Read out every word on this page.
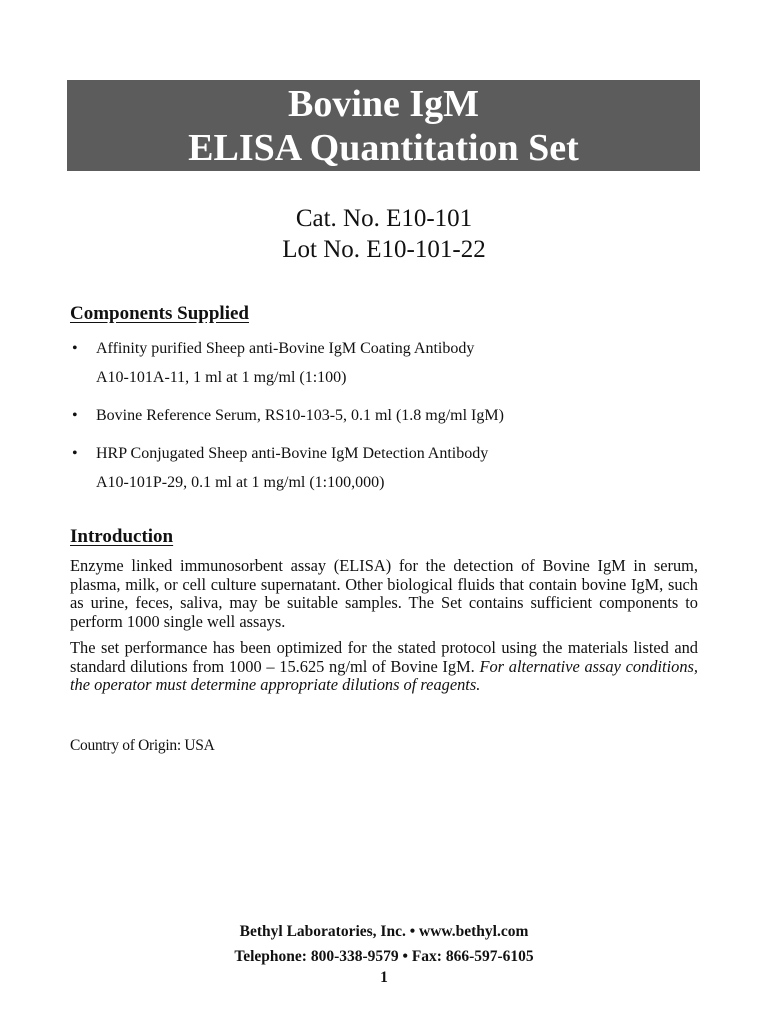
Bovine IgM
ELISA Quantitation Set
Cat. No. E10-101
Lot No. E10-101-22
Components Supplied
• Affinity purified Sheep anti-Bovine IgM Coating Antibody
A10-101A-11, 1 ml at 1 mg/ml (1:100)
• Bovine Reference Serum, RS10-103-5, 0.1 ml (1.8 mg/ml IgM)
• HRP Conjugated Sheep anti-Bovine IgM Detection Antibody
A10-101P-29, 0.1 ml at 1 mg/ml (1:100,000)
Introduction

Enzyme linked immunosorbent assay (ELISA) for the detection of Bovine IgM in serum, plasma, milk, or cell culture supernatant. Other biological fluids that contain bovine IgM, such as urine, feces, saliva, may be suitable samples. The Set contains sufficient components to perform 1000 single well assays.

The set performance has been optimized for the stated protocol using the materials listed and standard dilutions from 1000 – 15.625 ng/ml of Bovine IgM. For alternative assay conditions, the operator must determine appropriate dilutions of reagents.

Country of Origin: USA
Bethyl Laboratories, Inc. • www.bethyl.com
Telephone: 800-338-9579 • Fax: 866-597-6105
1
